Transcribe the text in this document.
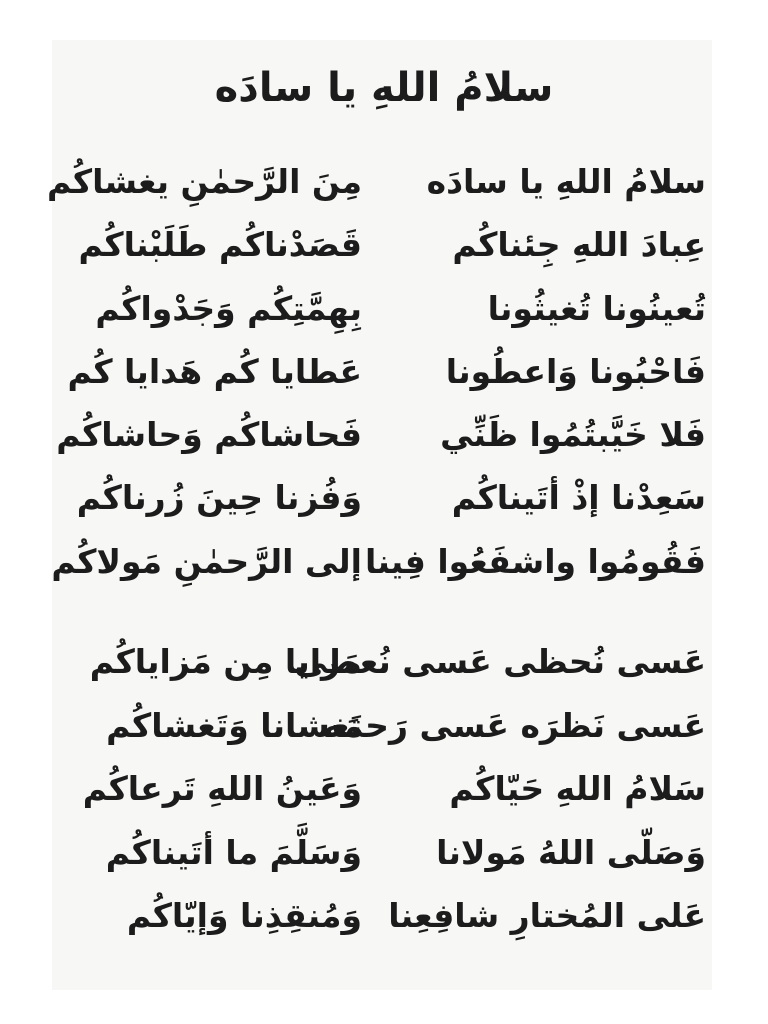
سلامُ اللهِ يا سادَه
سلامُ اللهِ يا سادَه
مِنَ الرَّحمٰنِ يغشاكُم
عِبادَ اللهِ جِئناكُم
قَصَدْناكُم طَلَبْناكُم
تُعينُونا تُغيثُونا
بِهِمَّتِكُم وَجَدْواكُم
فَاحْبُونا وَاعطُونا
عَطايا كُم هَدايا كُم
فَلا خَيَّبتُمُوا ظَنِّي
فَحاشاكُم وَحاشاكُم
سَعِدْنا إذْ أتَيناكُم
وَفُزنا حِينَ زُرناكُم
فَقُومُوا واشفَعُوا فِينا
إلى الرَّحمٰنِ مَولاكُم
عَسى نُحظى عَسى نُعطى
مَزايا مِن مَزاياكُم
عَسى نَظرَه عَسى رَحمَه
تَغشانا وَتَغشاكُم
سَلامُ اللهِ حَيّاكُم
وَعَينُ اللهِ تَرعاكُم
وَصَلّى اللهُ مَولانا
وَسَلَّمَ ما أتَيناكُم
عَلى المُختارِ شافِعِنا
وَمُنقِذِنا وَإيّاكُم
